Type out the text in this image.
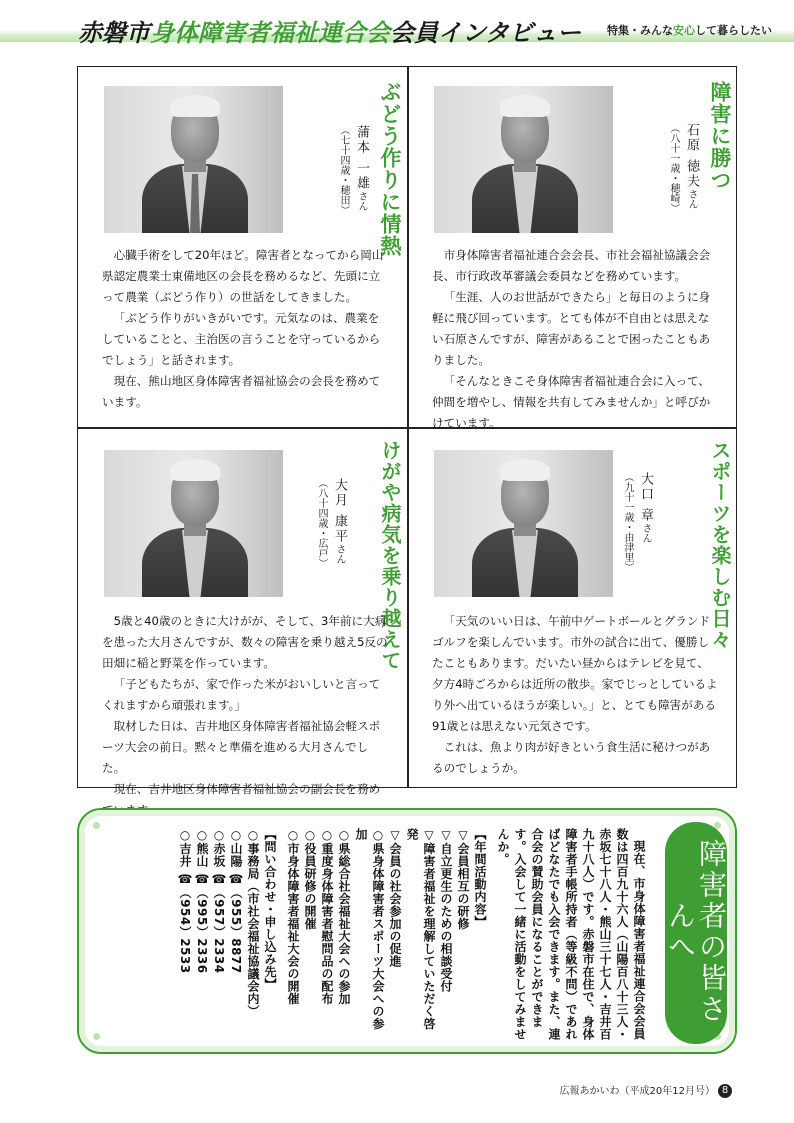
赤磐市身体障害者福祉連合会会員インタビュー 特集・みんな安心して暮らしたい
ぶどう作りに情熱
蒲本 一雄さん
（七十四歳・穂田）

心臓手術をして20年ほど。障害者となってから岡山県認定農業士東備地区の会長を務めるなど、先頭に立って農業（ぶどう作り）の世話をしてきました。

「ぶどう作りがいきがいです。元気なのは、農業をしていることと、主治医の言うことを守っているからでしょう」と話されます。

現在、熊山地区身体障害者福祉協会の会長を務めています。

障害に勝つ
石原 徳夫さん
（八十一歳・穂崎）

市身体障害者福祉連合会会長、市社会福祉協議会会長、市行政改革審議会委員などを務めています。

「生涯、人のお世話ができたら」と毎日のように身軽に飛び回っています。とても体が不自由とは思えない石原さんですが、障害があることで困ったこともありました。

「そんなときこそ身体障害者福祉連合会に入って、仲間を増やし、情報を共有してみませんか」と呼びかけています。

けがや病気を乗り越えて
大月 康平さん
（八十四歳・広戸）

5歳と40歳のときに大けがが、そして、3年前に大病を患った大月さんですが、数々の障害を乗り越え5反の田畑に稲と野菜を作っています。

「子どもたちが、家で作った米がおいしいと言ってくれますから頑張れます。」

取材した日は、吉井地区身体障害者福祉協会軽スポーツ大会の前日。黙々と準備を進める大月さんでした。

現在、吉井地区身体障害者福祉協会の副会長を務め

スポーツを楽しむ日々
大口 章さん
（九十一歳・由津里）

「天気のいい日は、午前中ゲートボールとグランドゴルフを楽しんでいます。市外の試合に出て、優勝したこともあります。だいたい昼からはテレビを見て、夕方4時ごろからは近所の散歩。家でじっとしているより外へ出ているほうが楽しい。」と、とても障害がある91歳とは思えない元気さです。

これは、魚より肉が好きという食生活に秘けつがあるのでしょうか。

障害者の皆さんへ

現在、市身体障害者福祉連合会会員数は四百九十六人（山陽百八十三人・赤坂七十八人・熊山三十七人・吉井百九十八人）です。赤磐市在住で、身体障害者手帳所持者（等級不問）であればどなたでも入会できます。また、連合会の賛助会員になることができます。入会して一緒に活動をしてみませんか。

【年間活動内容】

▽会員相互の研修

▽自立更生のための相談受付

▽障害者福祉を理解していただく啓発

▽会員の社会参加の促進

○県身体障害者スポーツ大会への参加

○県総合社会福祉大会への参加

○重度身体障害者慰問品の配布

○役員研修の開催

○市身体障害者福祉大会の開催

【問い合わせ・申し込み先】

○事務局（市社会福祉協議会内）

○山陽 ☎（955）8877

○赤坂 ☎（957）2334

○熊山 ☎（995）2336

○吉井 ☎（954）2533

広報あかいわ（平成20年12月号） 8
